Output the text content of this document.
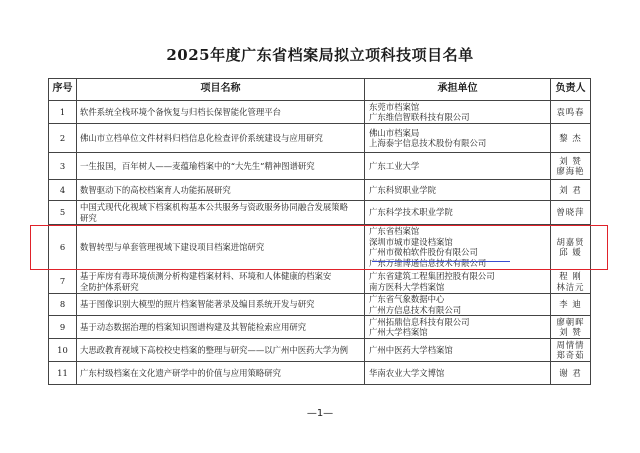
2025年度广东省档案局拟立项科技项目名单
序号	项目名称	承担单位	负责人
1	软件系统全栈环境个备恢复与归档长保智能化管理平台	东莞市档案馆
广东维信智联科技有限公司	袁鸣春

2	佛山市立档单位文件材料归档信息化检查评价系统建设与应用研究	佛山市档案局
上海泰宇信息技术股份有限公司	黎 杰

3	一生报国，百年树人——麦蕴瑜档案中的“大先生”精神图谱研究	广东工业大学	刘 赞
廖海艳

4	数智驱动下的高校档案育人功能拓展研究	广东科贸职业学院	刘 君

5	中国式现代化视域下档案机构基本公共服务与资政服务协同融合发展策略
研究	广东科学技术职业学院	曾晓萍

6	数智转型与单套管理视域下建设项目档案进馆研究	广东省档案馆
深圳市城市建设档案馆
广州市微柏软件股份有限公司
广东万维博通信息技术有限公司	胡嘉贤
邱 媛

7	基于库房有毒环境侦测分析构建档案材料、环境和人体健康的档案安
全防护体系研究	广东省建筑工程集团控股有限公司
南方医科大学档案馆	程 刚
林洁元

8	基于图像识别大模型的照片档案智能著录及编目系统开发与研究	广东省气象数据中心
广州方信息技术有限公司	李 迪

9	基于动态数据治理的档案知识图谱构建及其智能检索应用研究	广州拓鼎信息科技有限公司
广州大学档案馆	廖朝晖
刘 赞

10	大思政教育视域下高校校史档案的整理与研究——以广州中医药大学为例	广州中医药大学档案馆	周情情
郑奇茹

11	广东村级档案在文化遗产研学中的价值与应用策略研究	华南农业大学文博馆	谢 君
—1—
